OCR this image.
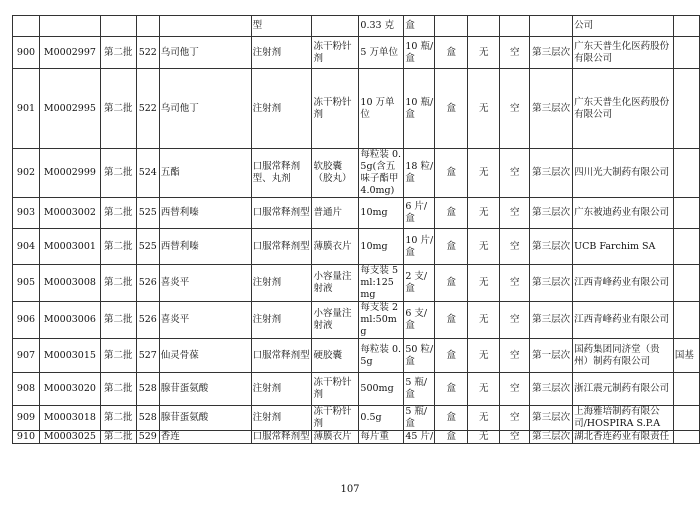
					型		0.33 克	盒					公司	
900	M0002997	第二批	522	乌司他丁	注射剂	冻干粉针剂	5 万单位	10 瓶/盒	盒	无	空	第三层次	广东天普生化医药股份有限公司	
901	M0002995	第二批	522	乌司他丁	注射剂	冻干粉针剂	10 万单位	10 瓶/盒	盒	无	空	第三层次	广东天普生化医药股份有限公司	
902	M0002999	第二批	524	五酯	口服常释剂型、丸剂	软胶囊（胶丸）	每粒装 0.5g(含五味子酯甲4.0mg)	18 粒/盒	盒	无	空	第三层次	四川光大制药有限公司	
903	M0003002	第二批	525	西替利嗪	口服常释剂型	普通片	10mg	6 片/盒	盒	无	空	第三层次	广东被迪药业有限公司	
904	M0003001	第二批	525	西替利嗪	口服常释剂型	薄膜衣片	10mg	10 片/盒	盒	无	空	第三层次	UCB Farchim SA	
905	M0003008	第二批	526	喜炎平	注射剂	小容量注射液	每支装 5ml:125mg	2 支/盒	盒	无	空	第三层次	江西青峰药业有限公司	
906	M0003006	第二批	526	喜炎平	注射剂	小容量注射液	每支装 2ml:50mg	6 支/盒	盒	无	空	第三层次	江西青峰药业有限公司	
907	M0003015	第二批	527	仙灵骨葆	口服常释剂型	硬胶囊	每粒装 0.5g	50 粒/盒	盒	无	空	第一层次	国药集团同济堂（贵州）制药有限公司	国基
908	M0003020	第二批	528	腺苷蛋氨酸	注射剂	冻干粉针剂	500mg	5 瓶/盒	盒	无	空	第三层次	浙江震元制药有限公司	
909	M0003018	第二批	528	腺苷蛋氨酸	注射剂	冻干粉针剂	0.5g	5 瓶/盒	盒	无	空	第三层次	上海雅培制药有限公司/HOSPIRA S.P.A	
910	M0003025	第二批	529	香连	口服常释剂型	薄膜衣片	每片重	45 片/	盒	无	空	第三层次	湖北香连药业有限责任	
107
